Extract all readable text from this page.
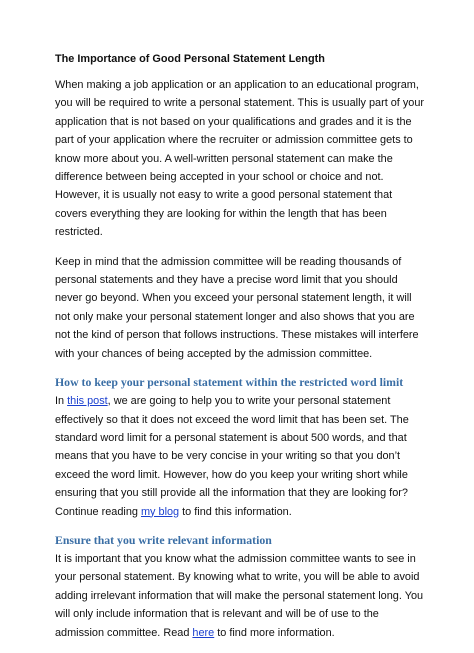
The Importance of Good Personal Statement Length

When making a job application or an application to an educational program, you will be required to write a personal statement. This is usually part of your application that is not based on your qualifications and grades and it is the part of your application where the recruiter or admission committee gets to know more about you. A well-written personal statement can make the difference between being accepted in your school or choice and not. However, it is usually not easy to write a good personal statement that covers everything they are looking for within the length that has been restricted.

Keep in mind that the admission committee will be reading thousands of personal statements and they have a precise word limit that you should never go beyond. When you exceed your personal statement length, it will not only make your personal statement longer and also shows that you are not the kind of person that follows instructions. These mistakes will interfere with your chances of being accepted by the admission committee.

How to keep your personal statement within the restricted word limit

In this post, we are going to help you to write your personal statement effectively so that it does not exceed the word limit that has been set. The standard word limit for a personal statement is about 500 words, and that means that you have to be very concise in your writing so that you don’t exceed the word limit. However, how do you keep your writing short while ensuring that you still provide all the information that they are looking for? Continue reading my blog to find this information.

Ensure that you write relevant information

It is important that you know what the admission committee wants to see in your personal statement. By knowing what to write, you will be able to avoid adding irrelevant information that will make the personal statement long. You will only include information that is relevant and will be of use to the admission committee. Read here to find more information.
